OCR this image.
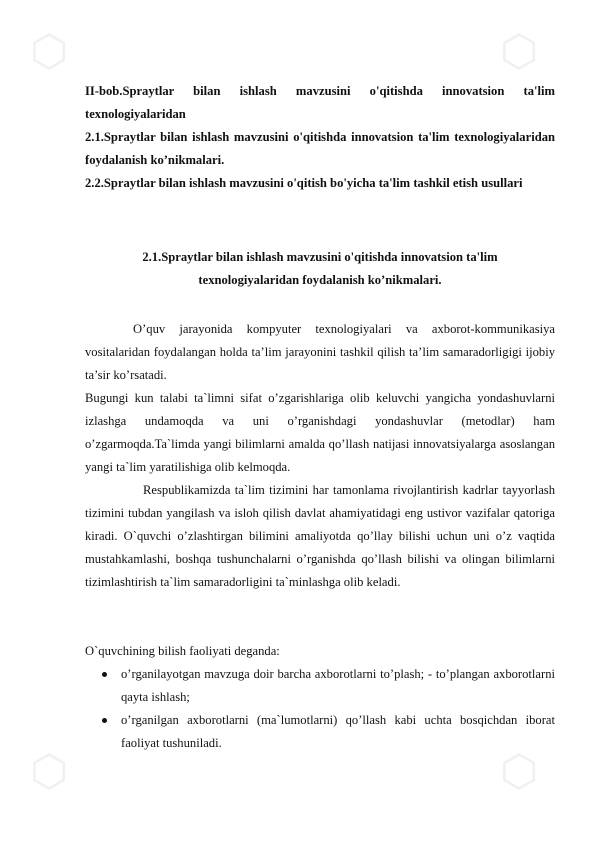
⬡	⬡
⬡	⬡

II-bob.Spraytlar bilan ishlash mavzusini o'qitishda innovatsion ta'lim texnologiyalaridan

2.1.Spraytlar bilan ishlash mavzusini o'qitishda innovatsion ta'lim texnologiyalaridan foydalanish ko’nikmalari.

2.2.Spraytlar bilan ishlash mavzusini o'qitish bo'yicha ta'lim tashkil etish usullari

2.1.Spraytlar bilan ishlash mavzusini o'qitishda innovatsion ta'lim

texnologiyalaridan foydalanish ko’nikmalari.

O’quv jarayonida kompyuter texnologiyalari va axborot-kommunikasiya vositalaridan foydalangan holda ta’lim jarayonini tashkil qilish ta’lim samaradorligigi ijobiy ta’sir ko’rsatadi.

Bugungi kun talabi ta`limni sifat o’zgarishlariga olib keluvchi yangicha yondashuvlarni izlashga undamoqda va uni o’rganishdagi yondashuvlar (metodlar) ham o’zgarmoqda.Ta`limda yangi bilimlarni amalda qo’llash natijasi innovatsiyalarga asoslangan yangi ta`lim yaratilishiga olib kelmoqda.

Respublikamizda ta`lim tizimini har tamonlama rivojlantirish kadrlar tayyorlash tizimini tubdan yangilash va isloh qilish davlat ahamiyatidagi eng ustivor vazifalar qatoriga kiradi. O`quvchi o’zlashtirgan bilimini amaliyotda qo’llay bilishi uchun uni o’z vaqtida mustahkamlashi, boshqa tushunchalarni o’rganishda qo’llash bilishi va olingan bilimlarni tizimlashtirish ta`lim samaradorligini ta`minlashga olib keladi.

O`quvchining bilish faoliyati deganda:

o’rganilayotgan mavzuga doir barcha axborotlarni to’plash; - to’plangan axborotlarni qayta ishlash;
o’rganilgan axborotlarni (ma`lumotlarni) qo’llash kabi uchta bosqichdan iborat faoliyat tushuniladi.
